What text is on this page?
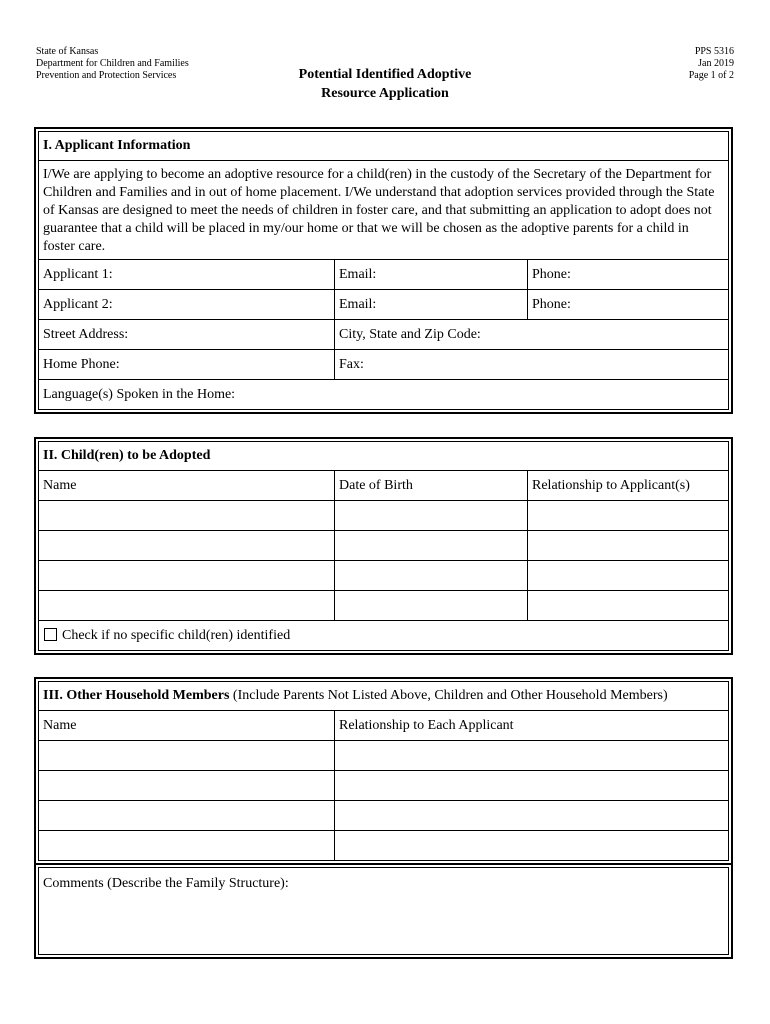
State of Kansas
Department for Children and Families
Prevention and Protection Services	Potential Identified Adoptive
Resource Application
PPS 5316
Jan 2019
Page 1 of 2
I. Applicant Information		
I/We are applying to become an adoptive resource for a child(ren) in the custody of the Secretary of the Department for Children and Families and in out of home placement. I/We understand that adoption services provided through the State of Kansas are designed to meet the needs of children in foster care, and that submitting an application to adopt does not guarantee that a child will be placed in my/our home or that we will be chosen as the adoptive parents for a child in foster care.		
Applicant 1:	Email:	Phone:
Applicant 2:	Email:	Phone:
Street Address:	City, State and Zip Code:	
Home Phone:	Fax:	
Language(s) Spoken in the Home:		
II. Child(ren) to be Adopted		
Name	Date of Birth	Relationship to Applicant(s)

Check if no specific child(ren) identified		
III. Other Household Members (Include Parents Not Listed Above, Children and Other Household Members)	
Name	Relationship to Each Applicant

Comments (Describe the Family Structure):
